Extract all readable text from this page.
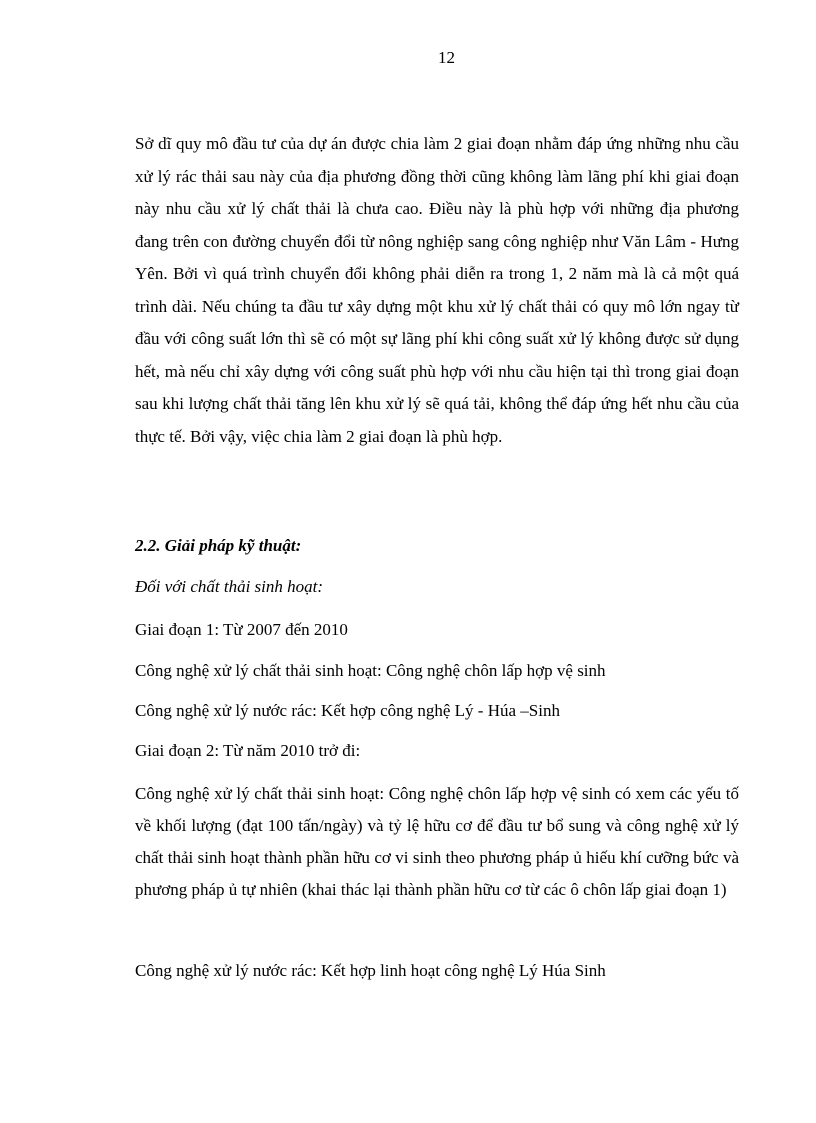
12

Sở dĩ quy mô đầu tư của dự án được chia làm 2 giai đoạn nhằm đáp ứng những nhu cầu xử lý rác thải sau này của địa phương đồng thời cũng không làm lãng phí khi giai đoạn này nhu cầu xử lý chất thải là chưa cao. Điều này là phù hợp với những địa phương đang trên con đường chuyển đổi từ nông nghiệp sang công nghiệp như Văn Lâm - Hưng Yên. Bởi vì quá trình chuyển đổi không phải diễn ra trong 1, 2 năm mà là cả một quá trình dài. Nếu chúng ta đầu tư xây dựng một khu xử lý chất thải có quy mô lớn ngay từ đầu với công suất lớn thì sẽ có một sự lãng phí khi công suất xử lý không được sử dụng hết, mà nếu chỉ xây dựng với công suất phù hợp với nhu cầu hiện tại thì trong giai đoạn sau khi lượng chất thải tăng lên khu xử lý sẽ quá tải, không thể đáp ứng hết nhu cầu của thực tế. Bởi vậy, việc chia làm 2 giai đoạn là phù hợp.

2.2. Giải pháp kỹ thuật:

Đối với chất thải sinh hoạt:

Giai đoạn 1: Từ 2007 đến 2010

Công nghệ xử lý chất thải sinh hoạt: Công nghệ chôn lấp hợp vệ sinh

Công nghệ xử lý nước rác: Kết hợp công nghệ Lý - Húa –Sinh

Giai đoạn 2: Từ năm 2010 trở đi:

Công nghệ xử lý chất thải sinh hoạt: Công nghệ chôn lấp hợp vệ sinh có xem các yếu tố về khối lượng (đạt 100 tấn/ngày) và tỷ lệ hữu cơ để đầu tư bổ sung và công nghệ xử lý chất thải sinh hoạt thành phần hữu cơ vi sinh theo phương pháp ủ hiếu khí cưỡng bức và phương pháp ủ tự nhiên (khai thác lại thành phần hữu cơ từ các ô chôn lấp giai đoạn 1)

Công nghệ xử lý nước rác: Kết hợp linh hoạt công nghệ Lý Húa Sinh
